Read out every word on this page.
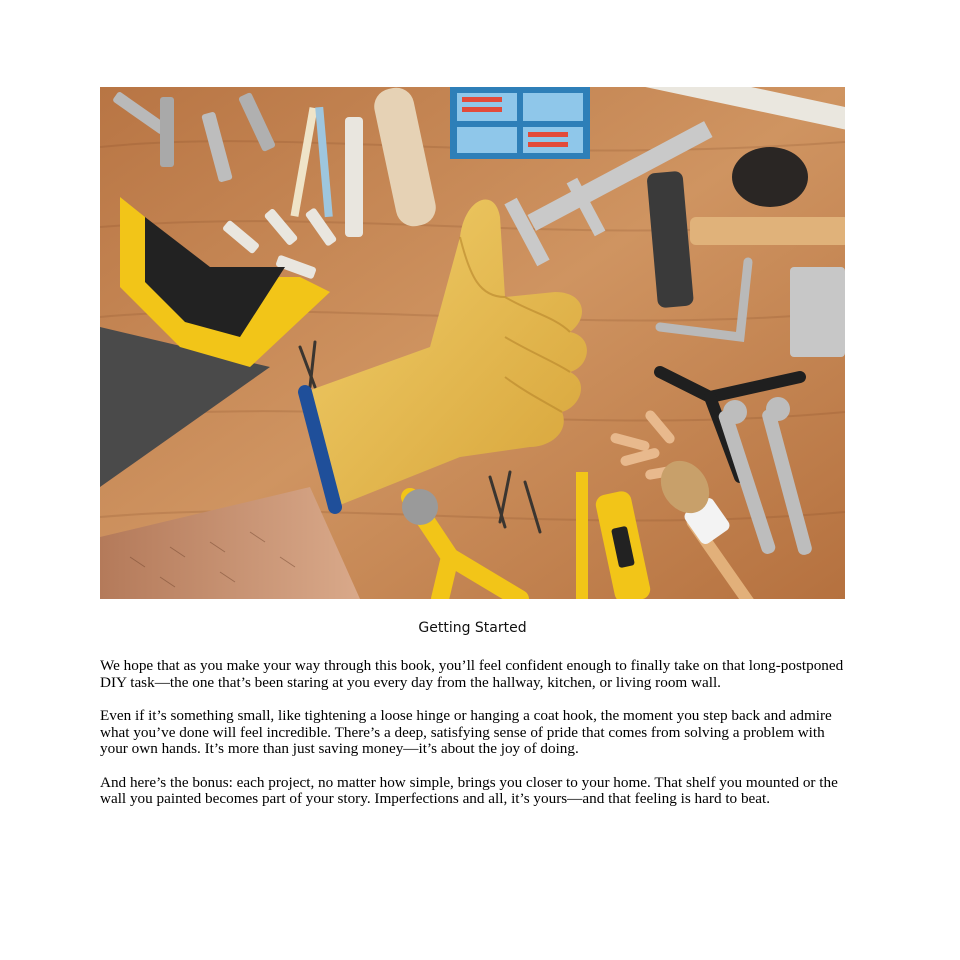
Getting Started

We hope that as you make your way through this book, you’ll feel confident enough to finally take on that long-postponed DIY task—the one that’s been staring at you every day from the hallway, kitchen, or living room wall.

Even if it’s something small, like tightening a loose hinge or hanging a coat hook, the moment you step back and admire what you’ve done will feel incredible. There’s a deep, satisfying sense of pride that comes from solving a problem with your own hands. It’s more than just saving money—it’s about the joy of doing.

And here’s the bonus: each project, no matter how simple, brings you closer to your home. That shelf you mounted or the wall you painted becomes part of your story. Imperfections and all, it’s yours—and that feeling is hard to beat.
